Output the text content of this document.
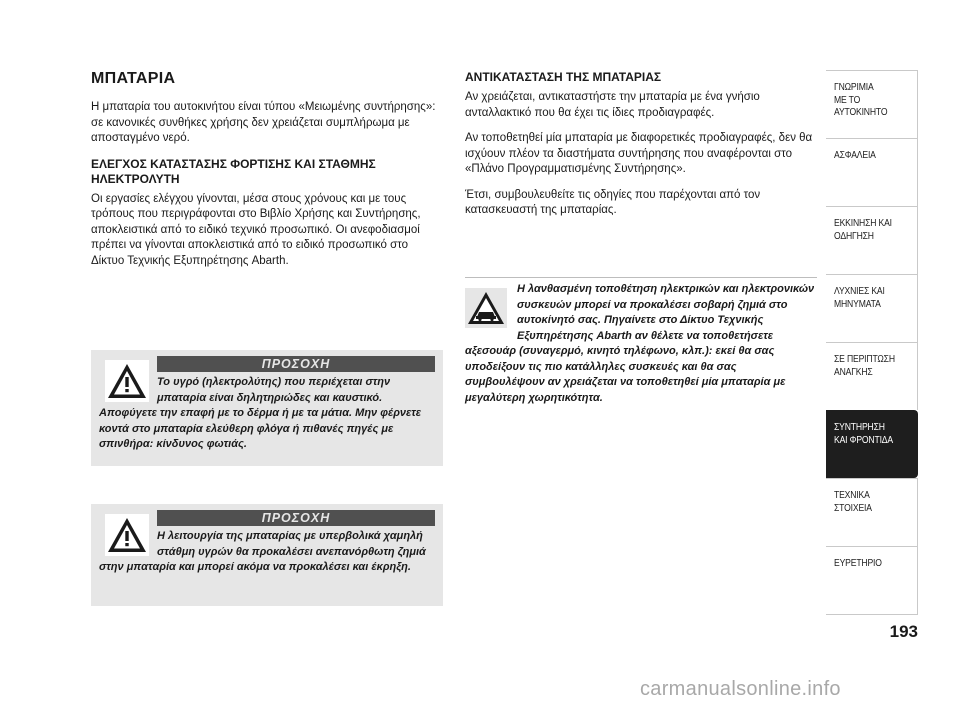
ΜΠΑΤΑΡΙΑ

Η μπαταρία του αυτοκινήτου είναι τύπου «Μειωμένης συντήρησης»: σε κανονικές συνθήκες χρήσης δεν χρειάζεται συμπλήρωμα με αποσταγμένο νερό.

ΕΛΕΓΧΟΣ ΚΑΤΑΣΤΑΣΗΣ ΦΟΡΤΙΣΗΣ ΚΑΙ ΣΤΑΘΜΗΣ ΗΛΕΚΤΡΟΛΥΤΗ

Οι εργασίες ελέγχου γίνονται, μέσα στους χρόνους και με τους τρόπους που περιγράφονται στο Βιβλίο Χρήσης και Συντήρησης, αποκλειστικά από το ειδικό τεχνικό προσωπικό. Οι ανεφοδιασμοί πρέπει να γίνονται αποκλειστικά από το ειδικό προσωπικό στο Δίκτυο Τεχνικής Εξυπηρέτησης Abarth.

ΠΡΟΣΟΧΗ
Το υγρό (ηλεκτρολύτης) που περιέχεται στην μπαταρία είναι δηλητηριώδες και καυστικό. Αποφύγετε την επαφή με το δέρμα ή με τα μάτια. Μην φέρνετε κοντά στο μπαταρία ελεύθερη φλόγα ή πιθανές πηγές με σπινθήρα: κίνδυνος φωτιάς.
ΠΡΟΣΟΧΗ
Η λειτουργία της μπαταρίας με υπερβολικά χαμηλή στάθμη υγρών θα προκαλέσει ανεπανόρθωτη ζημιά στην μπαταρία και μπορεί ακόμα να προκαλέσει και έκρηξη.
ΑΝΤΙΚΑΤΑΣΤΑΣΗ ΤΗΣ ΜΠΑΤΑΡΙΑΣ

Αν χρειάζεται, αντικαταστήστε την μπαταρία με ένα γνήσιο ανταλλακτικό που θα έχει τις ίδιες προδιαγραφές.

Αν τοποθετηθεί μία μπαταρία με διαφορετικές προδιαγραφές, δεν θα ισχύουν πλέον τα διαστήματα συντήρησης που αναφέρονται στο «Πλάνο Προγραμματισμένης Συντήρησης».

Έτσι, συμβουλευθείτε τις οδηγίες που παρέχονται από τον κατασκευαστή της μπαταρίας.

Η λανθασμένη τοποθέτηση ηλεκτρικών και ηλεκτρονικών συσκευών μπορεί να προκαλέσει σοβαρή ζημιά στο αυτοκίνητό σας. Πηγαίνετε στο Δίκτυο Τεχνικής Εξυπηρέτησης Abarth αν θέλετε να τοποθετήσετε αξεσουάρ (συναγερμό, κινητό τηλέφωνο, κλπ.): εκεί θα σας υποδείξουν τις πιο κατάλληλες συσκευές και θα σας συμβουλέψουν αν χρειάζεται να τοποθετηθεί μία μπαταρία με μεγαλύτερη χωρητικότητα.
ΓΝΩΡΙΜΙΑ
ΜΕ ΤΟ
ΑΥΤΟΚΙΝΗΤΟ
ΑΣΦΑΛΕΙΑ
ΕΚΚΙΝΗΣΗ ΚΑΙ
ΟΔΗΓΗΣΗ
ΛΥΧΝΙΕΣ ΚΑΙ
ΜΗΝΥΜΑΤΑ
ΣΕ ΠΕΡΙΠΤΩΣΗ
ΑΝΑΓΚΗΣ
ΣΥΝΤΗΡΗΣΗ
ΚΑΙ ΦΡΟΝΤΙΔΑ
ΤΕΧΝΙΚΑ
ΣΤΟΙΧΕΙΑ
ΕΥΡΕΤΗΡΙΟ
193
carmanualsonline.info
